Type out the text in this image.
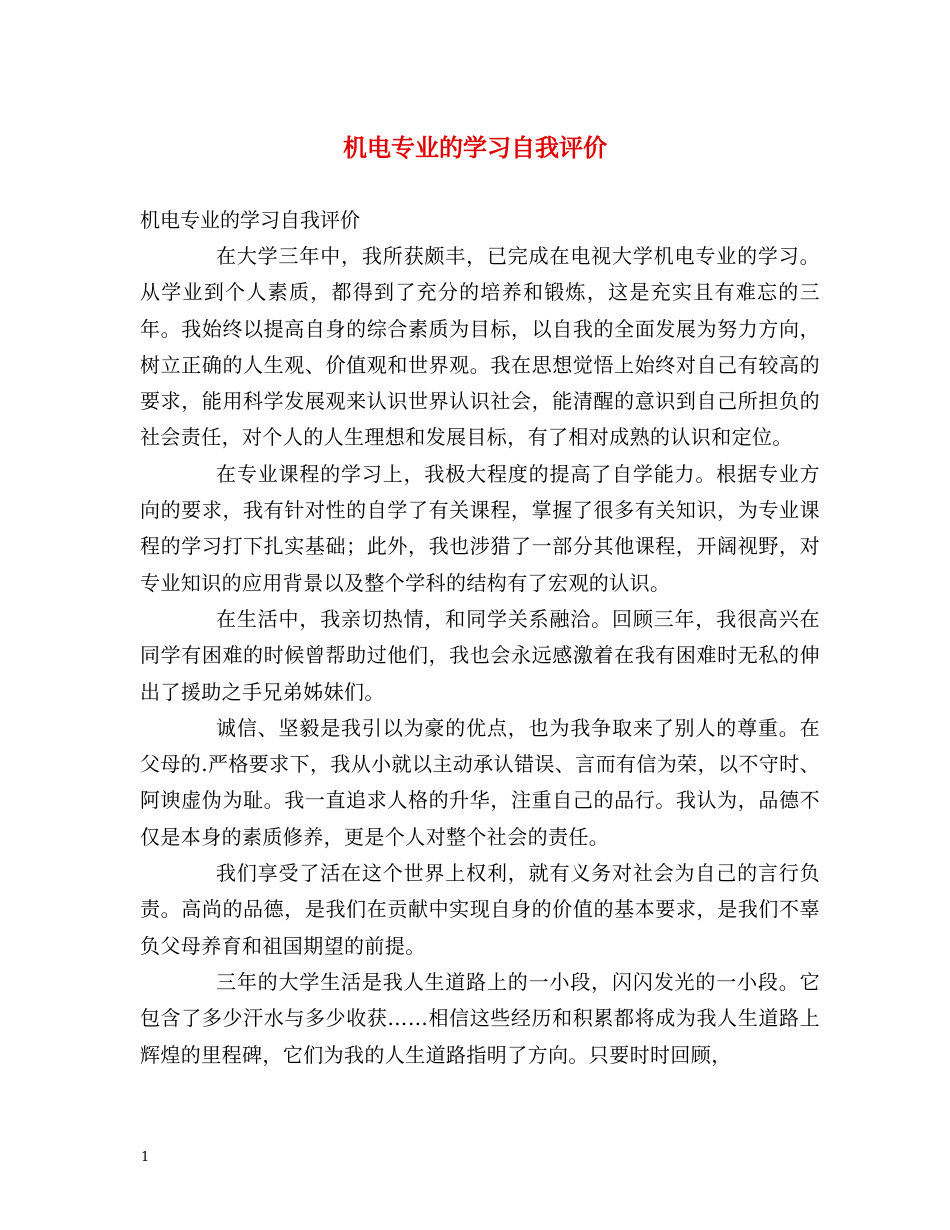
机电专业的学习自我评价

机电专业的学习自我评价

在大学三年中，我所获颇丰，已完成在电视大学机电专业的学习。从学业到个人素质，都得到了充分的培养和锻炼，这是充实且有难忘的三年。我始终以提高自身的综合素质为目标，以自我的全面发展为努力方向，树立正确的人生观、价值观和世界观。我在思想觉悟上始终对自己有较高的要求，能用科学发展观来认识世界认识社会，能清醒的意识到自己所担负的社会责任，对个人的人生理想和发展目标，有了相对成熟的认识和定位。

在专业课程的学习上，我极大程度的提高了自学能力。根据专业方向的要求，我有针对性的自学了有关课程，掌握了很多有关知识，为专业课程的学习打下扎实基础；此外，我也涉猎了一部分其他课程，开阔视野，对专业知识的应用背景以及整个学科的结构有了宏观的认识。

在生活中，我亲切热情，和同学关系融洽。回顾三年，我很高兴在同学有困难的时候曾帮助过他们，我也会永远感激着在我有困难时无私的伸出了援助之手兄弟姊妹们。

诚信、坚毅是我引以为豪的优点，也为我争取来了别人的尊重。在父母的.严格要求下，我从小就以主动承认错误、言而有信为荣，以不守时、阿谀虚伪为耻。我一直追求人格的升华，注重自己的品行。我认为，品德不仅是本身的素质修养，更是个人对整个社会的责任。

我们享受了活在这个世界上权利，就有义务对社会为自己的言行负责。高尚的品德，是我们在贡献中实现自身的价值的基本要求，是我们不辜负父母养育和祖国期望的前提。

三年的大学生活是我人生道路上的一小段，闪闪发光的一小段。它包含了多少汗水与多少收获……相信这些经历和积累都将成为我人生道路上辉煌的里程碑，它们为我的人生道路指明了方向。只要时时回顾，

1
